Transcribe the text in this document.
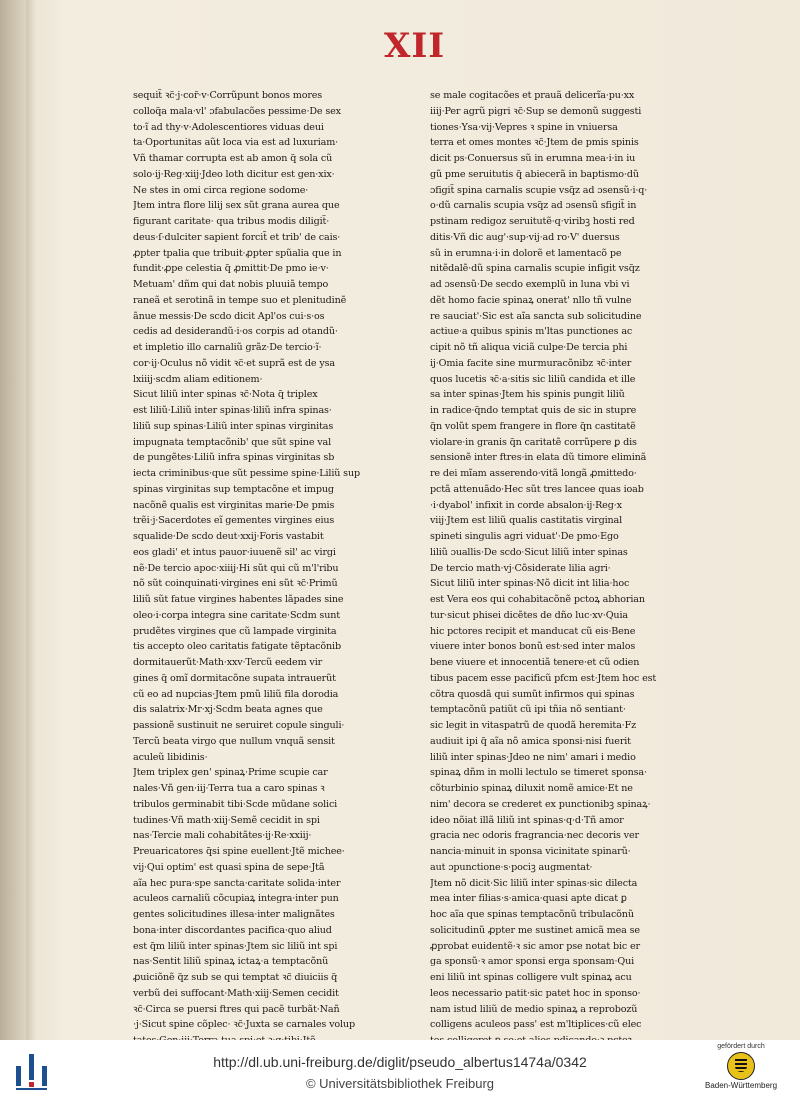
XII
sequit̃ ꝛc̃·j·cor̃·v·Corrũpunt bonos mores
colloq̃a mala·vl' ɔfabulacões pessime·De sex
to·ĩ ad thy·v·Adolescentiores viduas deui
ta·Oportunitas aũt loca via est ad luxuriam·
Vñ thamar corrupta est ab amon q̃ sola cũ
solo·ij·Reg·xiij·Jdeo loth dicitur est gen·xix·
Ne stes in omi circa regione sodome·
Jtem intra flore lilij sex sũt grana aurea que
figurant caritate· qua tribus modis diligit̃·
deus·ſ·dulciter sapient forcit̃ et trib' de cais·
ꝓpter tpalia que tribuit·ꝓpter spũalia que in
fundit·ꝓpe celestia q̃ ꝓmittit·De pmo ie·v·
Metuam' dñm qui dat nobis pluuiã tempo
raneã et serotinã in tempe suo et plenitudinẽ
ãnue messis·De scdo dicit Apl'os cui·s·os
cedis ad desiderandũ·i·os corpis ad otandũ·
et impletio illo carnaliũ grãz·De tercio·ĩ·
cor·ij·Oculus nõ vidit ꝛc̃·et suprã est de ysa
lxiiij·scdm aliam editionem·
Sicut liliũ inter spinas ꝛc̃·Nota q̃ triplex
est liliũ·Liliũ inter spinas·liliũ infra spinas·
liliũ sup spinas·Liliũ inter spinas virginitas
impugnata temptacõnib' que sũt spine val
de pungẽtes·Liliũ infra spinas virginitas sb
iecta criminibus·que sũt pessime spine·Liliũ sup
spinas virginitas sup temptacõne et impug
nacõnẽ qualis est virginitas marie·De pmis
trẽi·j·Sacerdotes eĩ gementes virgines eius
squalide·De scdo deut·xxij·Foris vastabit
eos gladi' et intus pauor·iuuenẽ sil' ac virgi
nẽ·De tercio apoc·xiiij·Hi sũt qui cũ m'l'ribu
nõ sũt coinquinati·virgines eni sũt ꝛc̃·Primũ
liliũ sũt fatue virgines habentes lãpades sine
oleo·i·corpa integra sine caritate·Scdm sunt
prudẽtes virgines que cũ lampade virginita
tis accepto oleo caritatis fatigate tẽptacõnib
dormitauerũt·Math·xxv·Tercũ eedem vir
gines q̃ omĩ dormitacõne supata intrauerũt
cũ eo ad nupcias·Jtem pmũ liliũ fila dorodia
dis salatrix·Mr·xj·Scdm beata agnes que
passionẽ sustinuit ne seruiret copule singuli·
Tercũ beata virgo que nullum vnquã sensit
aculeũ libidinis·
Jtem triplex gen' spinaꝝ·Prime scupie car
nales·Vñ gen·iij·Terra tua a caro spinas ꝛ
tribulos germinabit tibi·Scde mũdane solici
tudines·Vñ math·xiij·Semẽ cecidit in spi
nas·Tercie mali cohabitãtes·ij·Re·xxiij·
Preuaricatores q̃si spine euellent·Jtẽ michee·
vij·Qui optim' est quasi spina de sepe·Jtã
aĩa hec pura·spe sancta·caritate solida·inter
aculeos carnaliũ cõcupiaꝝ integra·inter pun
gentes solicitudines illesa·inter malignãtes
bona·inter discordantes pacifica·quo aliud
est q̃m liliũ inter spinas·Jtem sic liliũ int spi
nas·Sentit liliũ spinaꝝ ictaꝝ·a temptacõnũ
ꝓuiciõnẽ q̃z sub se qui temptat ꝛc̃ diuiciis q̃
verbũ dei suffocant·Math·xiij·Semen cecidit
ꝛc̃·Circa se puersi ftres qui pacẽ turbãt·Nañ
·j·Sicut spine cõplec· ꝛc̃·Juxta se carnales volup
se male cogitacões et prauã delicerĩa·pu·xx
iiij·Per agrũ pigri ꝛc̃·Sup se demonũ suggesti
tiones·Ysa·vij·Vepres ꝛ spine in vniuersa
terra et omes montes ꝛc̃·Jtem de pmis spinis
dicit ps·Conuersus sũ in erumna mea·i·in iu
gũ pme seruitutis q̃ abiecerã in baptismo·dũ
ɔfigit̃ spina carnalis scupie vsq̃z ad ɔsensũ·i·q·
o·dũ carnalis scupia vsq̃z ad ɔsensũ sfigit̃ in
pstinam redigoz seruitutẽ·q·viribꝫ hosti red
ditis·Vñ dic aug'·sup·vij·ad ro·V' duersus
sũ in erumna·i·in dolorẽ et lamentacõ pe
nitẽdalẽ·dũ spina carnalis scupie infigit vsq̃z
ad ɔsensũ·De secdo exemplũ in luna vbi vi
dẽt homo facie spinaꝝ onerat' nllo tñ vulne
re sauciat'·Sic est aĩa sancta sub solicitudine
actiue·a quibus spinis m'ltas punctiones ac
cipit nõ tñ aliqua viciã culpe·De tercia phi
ij·Omia facite sine murmuracõnibz ꝛc̃·inter
quos lucetis ꝛc̃·a·sitis sic liliũ candida et ille
sa inter spinas·Jtem his spinis pungit liliũ
in radice·q̃ndo temptat quis de sic in stupre
q̃n volũt spem frangere in flore q̃n castitatẽ
violare·in granis q̃n caritatẽ corrũpere ꝑ dis
sensionẽ inter ftres·in elata dũ timore eliminã
re dei mĩam asserendo·vitã longã ꝓmittedo·
pctã attenuãdo·Hec sũt tres lancee quas ioab
·i·dyabol' infixit in corde absalon·ij·Reg·x
viij·Jtem est liliũ qualis castitatis virginal
spineti singulis agri viduat'·De pmo·Ego
liliũ ɔuallis·De scdo·Sicut liliũ inter spinas
De tercio math·vj·Cõsiderate lilia agri·
Sicut liliũ inter spinas·Nõ dicit int lilia·hoc
est Vera eos qui cohabitacõnẽ pctoꝝ abhorian
tur·sicut phisei dicẽtes de dño luc·xv·Quia
hic pctores recipit et manducat cũ eis·Bene
viuere inter bonos bonũ est·sed inter malos
bene viuere et innocentiã tenere·et cũ odien
tibus pacem esse pacificũ pfcm est·Jtem hoc est
cõtra quosdã qui sumũt infirmos qui spinas
temptacõnũ patiũt cũ ipi tñia nõ sentiant·
sic legit in vitaspatrũ de quodã heremita·Fz
audiuit ipi q̃ aĩa nõ amica sponsi·nisi fuerit
liliũ inter spinas·Jdeo ne nim' amari i medio
spinaꝝ dñm in molli lectulo se timeret sponsa·
cõturbinio spinaꝝ diluxit nomẽ amice·Et ne
nim' decora se crederet ex punctionibꝫ spinaꝝ·
ideo nõiat illã liliũ int spinas·q·d·Tñ amor
gracia nec odoris fragrancia·nec decoris ver
nancia·minuit in sponsa vicinitate spinarũ·
aut ɔpunctione·s·pociꝫ augmentat·
Jtem nõ dicit·Sic liliũ inter spinas·sic dilecta
mea inter filias·s·amica·quasi apte dicat ꝑ
hoc aĩa que spinas temptacõnũ tribulacõnũ
solicitudinũ ꝓpter me sustinet amicã mea se
ꝓprobat euidentẽ·ꝛ sic amor pse notat bic er
ga sponsũ·ꝛ amor sponsi erga sponsam·Qui
eni liliũ int spinas colligere vult spinaꝝ acu
leos necessario patit·sic patet hoc in sponso·
nam istud liliũ de medio spinaꝝ a reprobozũ
colligens aculeos pass' est m'ltiplices·cũ elec
http://dl.ub.uni-freiburg.de/diglit/pseudo_albertus1474a/0342
© Universitätsbibliothek Freiburg
gefördert durch
Baden-Württemberg
